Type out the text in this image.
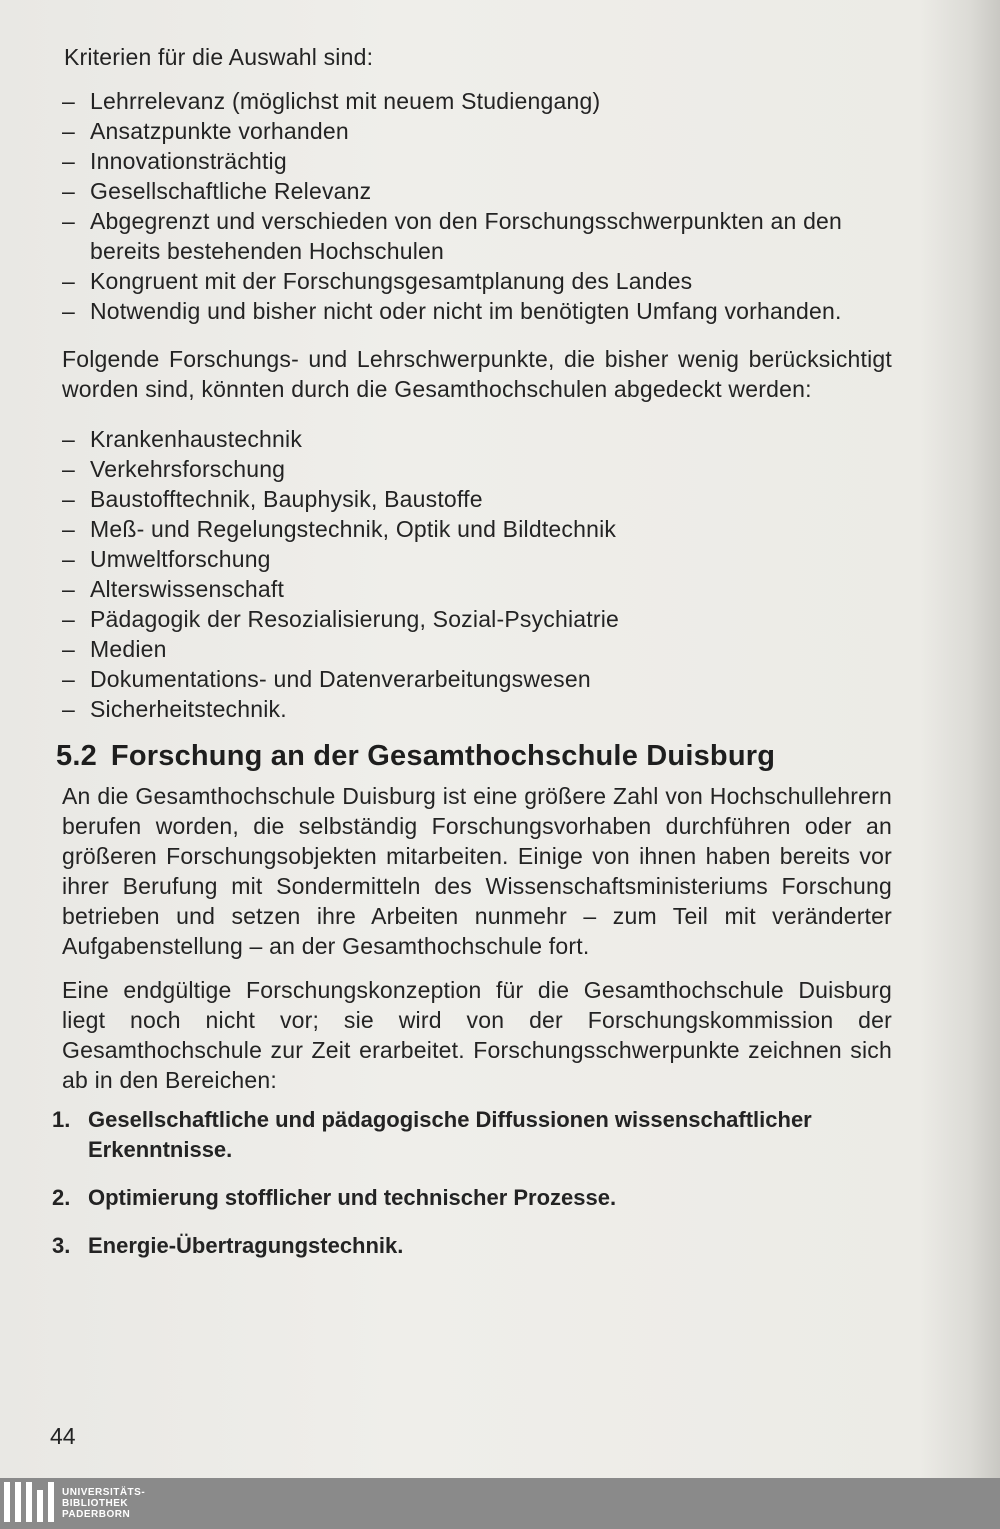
Kriterien für die Auswahl sind:

– Lehrrelevanz (möglichst mit neuem Studiengang)
– Ansatzpunkte vorhanden
– Innovationsträchtig
– Gesellschaftliche Relevanz
– Abgegrenzt und verschieden von den Forschungsschwerpunkten an den bereits bestehenden Hochschulen
– Kongruent mit der Forschungsgesamtplanung des Landes
– Notwendig und bisher nicht oder nicht im benötigten Umfang vorhanden.

Folgende Forschungs- und Lehrschwerpunkte, die bisher wenig berücksichtigt worden sind, könnten durch die Gesamthochschulen abgedeckt werden:

– Krankenhaustechnik
– Verkehrsforschung
– Baustofftechnik, Bauphysik, Baustoffe
– Meß- und Regelungstechnik, Optik und Bildtechnik
– Umweltforschung
– Alterswissenschaft
– Pädagogik der Resozialisierung, Sozial-Psychiatrie
– Medien
– Dokumentations- und Datenverarbeitungswesen
– Sicherheitstechnik.
5.2 Forschung an der Gesamthochschule Duisburg

An die Gesamthochschule Duisburg ist eine größere Zahl von Hochschullehrern berufen worden, die selbständig Forschungsvorhaben durchführen oder an größeren Forschungsobjekten mitarbeiten. Einige von ihnen haben bereits vor ihrer Berufung mit Sondermitteln des Wissenschaftsministeriums Forschung betrieben und setzen ihre Arbeiten nunmehr – zum Teil mit veränderter Aufgabenstellung – an der Gesamthochschule fort.

Eine endgültige Forschungskonzeption für die Gesamthochschule Duisburg liegt noch nicht vor; sie wird von der Forschungskommission der Gesamthochschule zur Zeit erarbeitet. Forschungsschwerpunkte zeichnen sich ab in den Bereichen:

1. Gesellschaftliche und pädagogische Diffussionen wissenschaftlicher Erkenntnisse.
2. Optimierung stofflicher und technischer Prozesse.
3. Energie-Übertragungstechnik.
44
UNIVERSITÄTS-
BIBLIOTHEK
PADERBORN
